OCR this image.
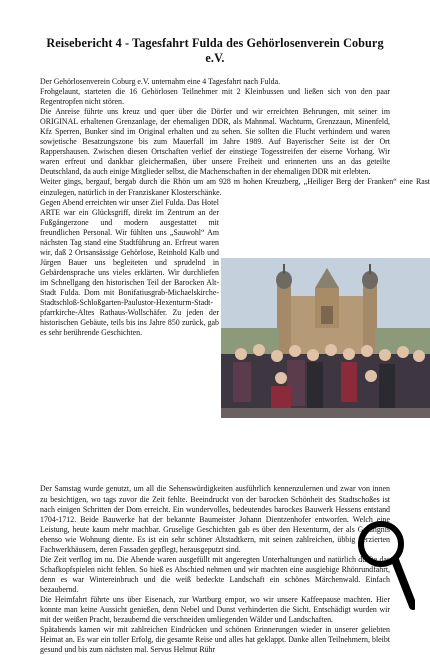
Reisebericht 4 - Tagesfahrt Fulda des Gehörlosenverein Coburg e.V.

Der Gehörlosenverein Coburg e.V. unternahm eine 4 Tagesfahrt nach Fulda.

Frohgelaunt, starteten die 16 Gehörlosen Teilnehmer mit 2 Kleinbussen und ließen sich von den paar Regentropfen nicht stören.

Die Anreise führte uns kreuz und quer über die Dörfer und wir erreichten Behrungen, mit seiner im ORIGINAL erhaltenen Grenzanlage, der ehemaligen DDR, als Mahnmal. Wachturm, Grenzzaun, Minenfeld, Kfz Sperren, Bunker sind im Original erhalten und zu sehen. Sie sollten die Flucht verhindern und waren sowjetische Besatzungszone bis zum Mauerfall im Jahre 1989. Auf Bayerischer Seite ist der Ort Rappershausen. Zwischen diesen Ortschaften verlief der einstiege Togesstreifen der eiserne Vorhang. Wir waren erfreut und dankbar gleichermaßen, über unsere Freiheit und erinnerten uns an das geteilte Deutschland, da auch einige Mitglieder selbst, die Machenschaften in der ehemaligen DDR mit erlebten.

Weiter gings, bergauf, bergab durch die Rhön um am 928 m hohen Kreuzberg, „Heiliger Berg der Franken“ eine Rast einzulegen, natürlich in der Franziskaner Klosterschänke.

Gegen Abend erreichten wir unser Ziel Fulda. Das Hotel ARTE war ein Glücksgriff, direkt im Zentrum an der Fußgängerzone und modern ausgestattet mit freundlichen Personal. Wir fühlten uns „Sauwohl“ Am nächsten Tag stand eine Stadtführung an. Erfreut waren wir, daß 2 Ortsansässige Gehörlose, Reinhold Kalb und Jürgen Bauer uns begleiteten und sprudelnd in Gebärdensprache uns vieles erklärten. Wir durchliefen im Schnellgang den historischen Teil der Barocken Alt-Stadt Fulda. Dom mit Bonifatiusgrab-Michaelskirche-Stadtschloß-Schloßgarten-Paulustor-Hexenturm-Stadt-pfarrkirche-Altes Rathaus-Wollschäfer. Zu jeden der historischen Gebäute, teils bis ins Jahre 850 zurück, gab es sehr berührende Geschichten.

Der Samstag wurde genutzt, um all die Sehenswürdigkeiten ausführlich kennenzulernen und zwar von innen zu besichtigen, wo tags zuvor die Zeit fehlte. Beeindruckt von der barocken Schönheit des Stadtschoßes ist nach einigen Schritten der Dom erreicht. Ein wundervolles, bedeutendes barockes Bauwerk Hessens entstand 1704-1712. Beide Bauwerke hat der bekannte Baumeister Johann Dientzenhofer entworfen. Welch eine Leistung, heute kaum mehr machbar. Gruselige Geschichten gab es über den Hexenturm, der als Gefängnis ebenso wie Wohnung diente. Es ist ein sehr schöner Altstadtkern, mit seinen zahlreichen, übbig verzierten Fachwerkhäusern, deren Fassaden gepflegt, herausgeputzt sind.

Die Zeit verflog im nu. Die Abende waren ausgefüllt mit angeregten Unterhaltungen und natürlich durfte das Schafkopfspielen nicht fehlen. So hieß es Abschied nehmen und wir machten eine ausgiebige Rhönrundfahrt, denn es war Wintereinbruch und die weiß bedeckte Landschaft ein schönes Märchenwald. Einfach bezaubernd.

Die Heimfahrt führte uns über Eisenach, zur Wartburg empor, wo wir unsere Kaffeepause machten. Hier konnte man keine Aussicht genießen, denn Nebel und Dunst verhinderten die Sicht. Entschädigt wurden wir mit der weißen Pracht, bezaubernd die verschneiden umliegenden Wälder und Landschaften.

Spätabends kamen wir mit zahlreichen Eindrücken und schönen Erinnerungen wieder in unserer geliebten Heimat an. Es war ein toller Erfolg, die gesamte Reise und alles hat geklappt. Danke allen Teilnehmern, bleibt gesund und bis zum nächsten mal. Servus Helmut Rühr
